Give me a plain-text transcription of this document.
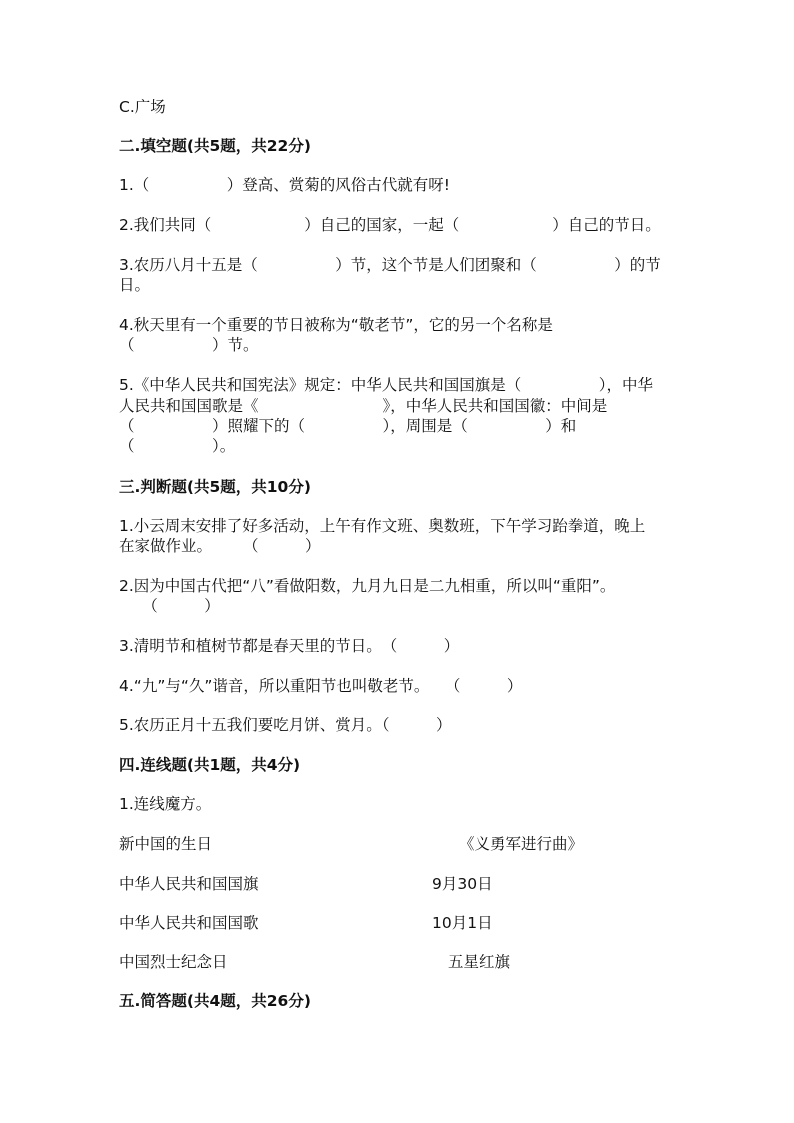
C.广场
二.填空题(共5题，共22分)
1.（　　　　　）登高、赏菊的风俗古代就有呀!
2.我们共同（　　　　　　）自己的国家，一起（　　　　　　）自己的节日。
3.农历八月十五是（　　　　　）节，这个节是人们团聚和（　　　　　）的节
日。
4.秋天里有一个重要的节日被称为“敬老节”，它的另一个名称是
（　　　　　）节。
5.《中华人民共和国宪法》规定：中华人民共和国国旗是（　　　　　），中华
人民共和国国歌是《　　　　　　　　》，中华人民共和国国徽：中间是
（　　　　　）照耀下的（　　　　　），周围是（　　　　　）和
（　　　　　）。
三.判断题(共5题，共10分)
1.小云周末安排了好多活动，上午有作文班、奥数班，下午学习跆拳道，晚上
在家做作业。　　　（　　　）
2.因为中国古代把“八”看做阳数，九月九日是二九相重，所以叫“重阳”。
　　（　　　）
3.清明节和植树节都是春天里的节日。　（　　　）
4.“九”与“久”谐音，所以重阳节也叫敬老节。　　（　　　）
5.农历正月十五我们要吃月饼、赏月。（　　　）
四.连线题(共1题，共4分)
1.连线魔方。
新中国的生日	《义勇军进行曲》
中华人民共和国国旗	9月30日
中华人民共和国国歌	10月1日
中国烈士纪念日	五星红旗
五.简答题(共4题，共26分)
